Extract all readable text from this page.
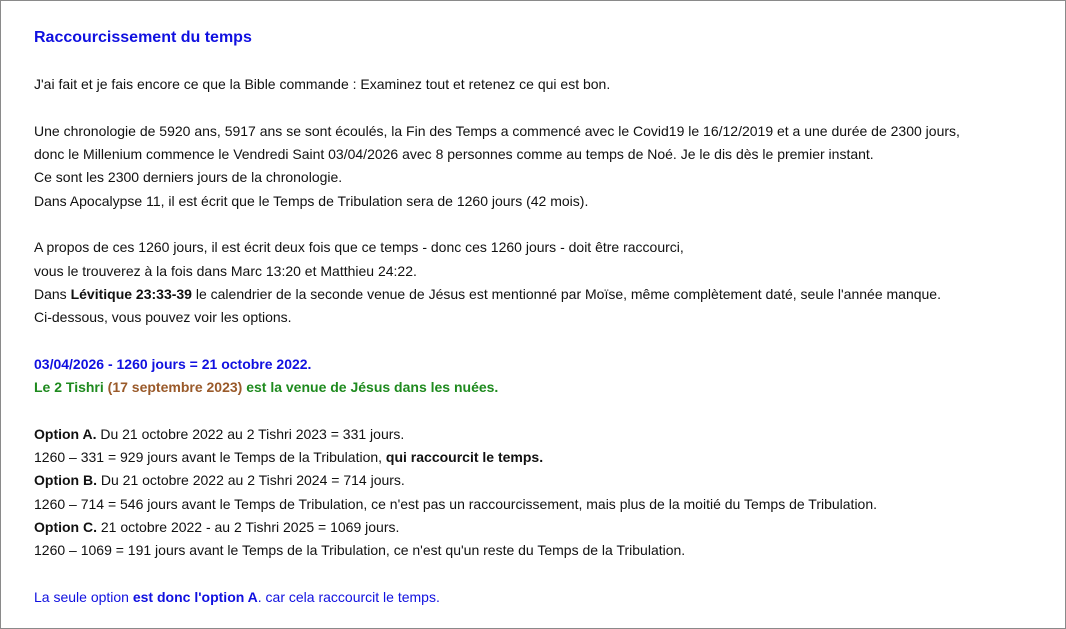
Raccourcissement du temps
J'ai fait et je fais encore ce que la Bible commande : Examinez tout et retenez ce qui est bon.
Une chronologie de 5920 ans, 5917 ans se sont écoulés, la Fin des Temps a commencé avec le Covid19 le 16/12/2019 et a une durée de 2300 jours,
donc le Millenium commence le Vendredi Saint 03/04/2026 avec 8 personnes comme au temps de Noé. Je le dis dès le premier instant.
Ce sont les 2300 derniers jours de la chronologie.
Dans Apocalypse 11, il est écrit que le Temps de Tribulation sera de 1260 jours (42 mois).
A propos de ces 1260 jours, il est écrit deux fois que ce temps - donc ces 1260 jours - doit être raccourci,
vous le trouverez à la fois dans Marc 13:20 et Matthieu 24:22.
Dans Lévitique 23:33-39 le calendrier de la seconde venue de Jésus est mentionné par Moïse, même complètement daté, seule l'année manque.
Ci-dessous, vous pouvez voir les options.
03/04/2026 - 1260 jours = 21 octobre 2022.
Le 2 Tishri (17 septembre 2023) est la venue de Jésus dans les nuées.
Option A. Du 21 octobre 2022 au 2 Tishri 2023 = 331 jours.
1260 – 331 = 929 jours avant le Temps de la Tribulation, qui raccourcit le temps.
Option B. Du 21 octobre 2022 au 2 Tishri 2024 = 714 jours.
1260 – 714 = 546 jours avant le Temps de Tribulation, ce n'est pas un raccourcissement, mais plus de la moitié du Temps de Tribulation.
Option C. 21 octobre 2022 - au 2 Tishri 2025 = 1069 jours.
1260 – 1069 = 191 jours avant le Temps de la Tribulation, ce n'est qu'un reste du Temps de la Tribulation.
La seule option est donc l'option A. car cela raccourcit le temps.
